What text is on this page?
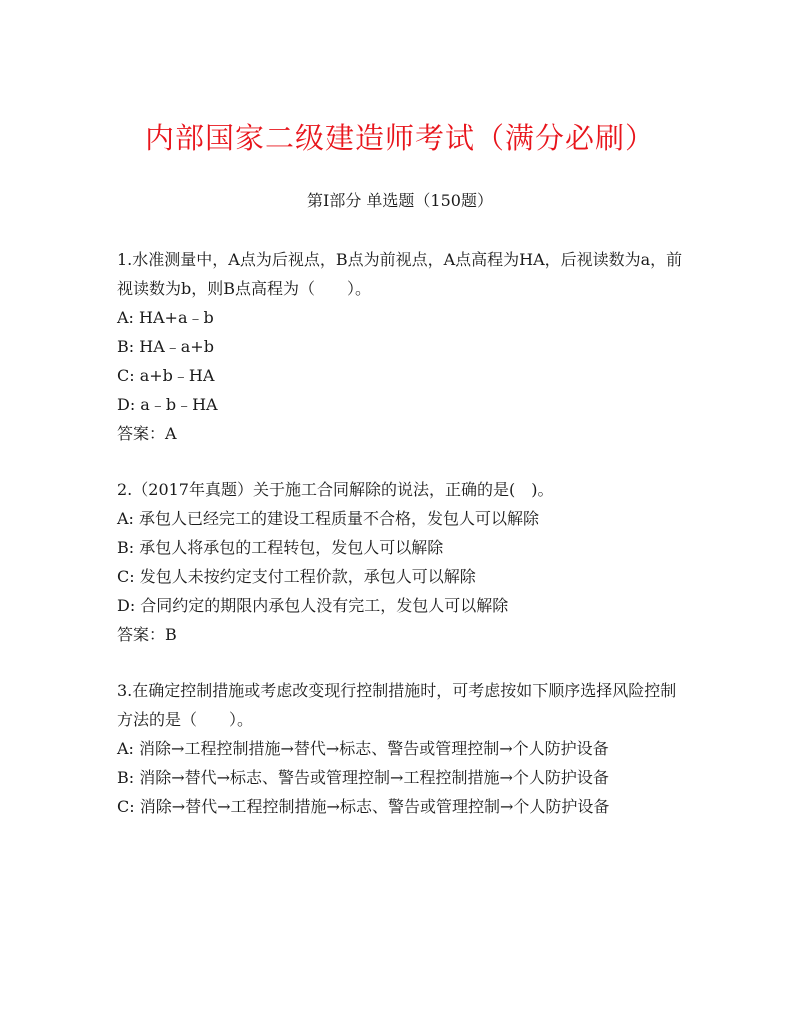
内部国家二级建造师考试（满分必刷）
第Ⅰ部分 单选题（150题）

1.水准测量中，A点为后视点，B点为前视点，A点高程为HA，后视读数为a，前视读数为b，则B点高程为（　　）。

A: HA+a﹣b

B: HA﹣a+b

C: a+b﹣HA

D: a﹣b﹣HA

答案：A

2.（2017年真题）关于施工合同解除的说法，正确的是(　)。

A: 承包人已经完工的建设工程质量不合格，发包人可以解除

B: 承包人将承包的工程转包，发包人可以解除

C: 发包人未按约定支付工程价款，承包人可以解除

D: 合同约定的期限内承包人没有完工，发包人可以解除

答案：B

3.在确定控制措施或考虑改变现行控制措施时，可考虑按如下顺序选择风险控制方法的是（　　）。

A: 消除→工程控制措施→替代→标志、警告或管理控制→个人防护设备

B: 消除→替代→标志、警告或管理控制→工程控制措施→个人防护设备

C: 消除→替代→工程控制措施→标志、警告或管理控制→个人防护设备
